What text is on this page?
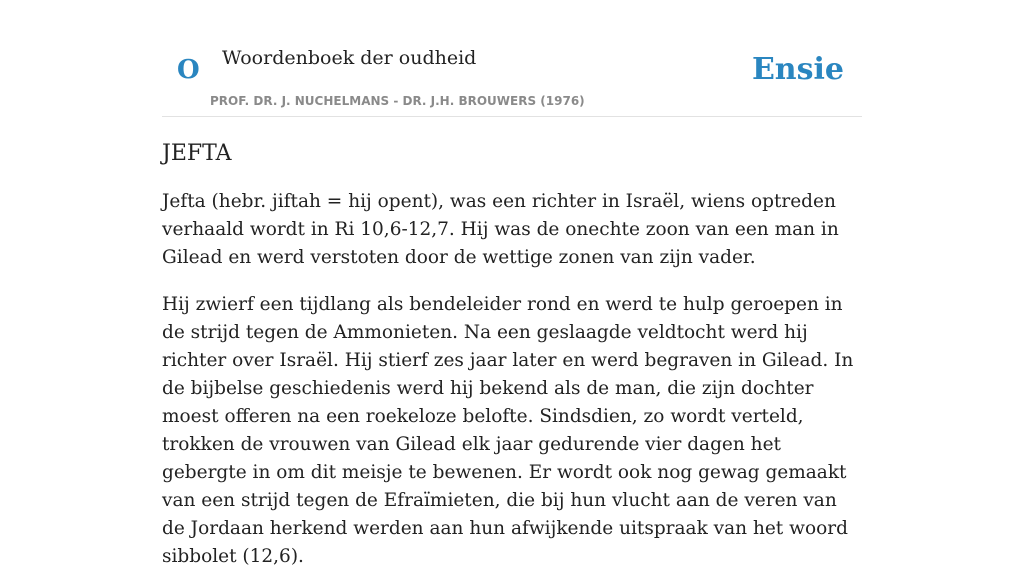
O Woordenboek der oudheid
PROF. DR. J. NUCHELMANS - DR. J.H. BROUWERS (1976)
Ensie
JEFTA

Jefta (hebr. jiftah = hij opent), was een richter in Israël, wiens optreden verhaald wordt in Ri 10,6-12,7. Hij was de onechte zoon van een man in Gilead en werd verstoten door de wettige zonen van zijn vader.

Hij zwierf een tijdlang als bendeleider rond en werd te hulp geroepen in de strijd tegen de Ammonieten. Na een geslaagde veldtocht werd hij richter over Israël. Hij stierf zes jaar later en werd begraven in Gilead. In de bijbelse geschiedenis werd hij bekend als de man, die zijn dochter moest offeren na een roekeloze belofte. Sindsdien, zo wordt verteld, trokken de vrouwen van Gilead elk jaar gedurende vier dagen het gebergte in om dit meisje te bewenen. Er wordt ook nog gewag gemaakt van een strijd tegen de Efraïmieten, die bij hun vlucht aan de veren van de Jordaan herkend werden aan hun afwijkende uitspraak van het woord sibbolet (12,6).
